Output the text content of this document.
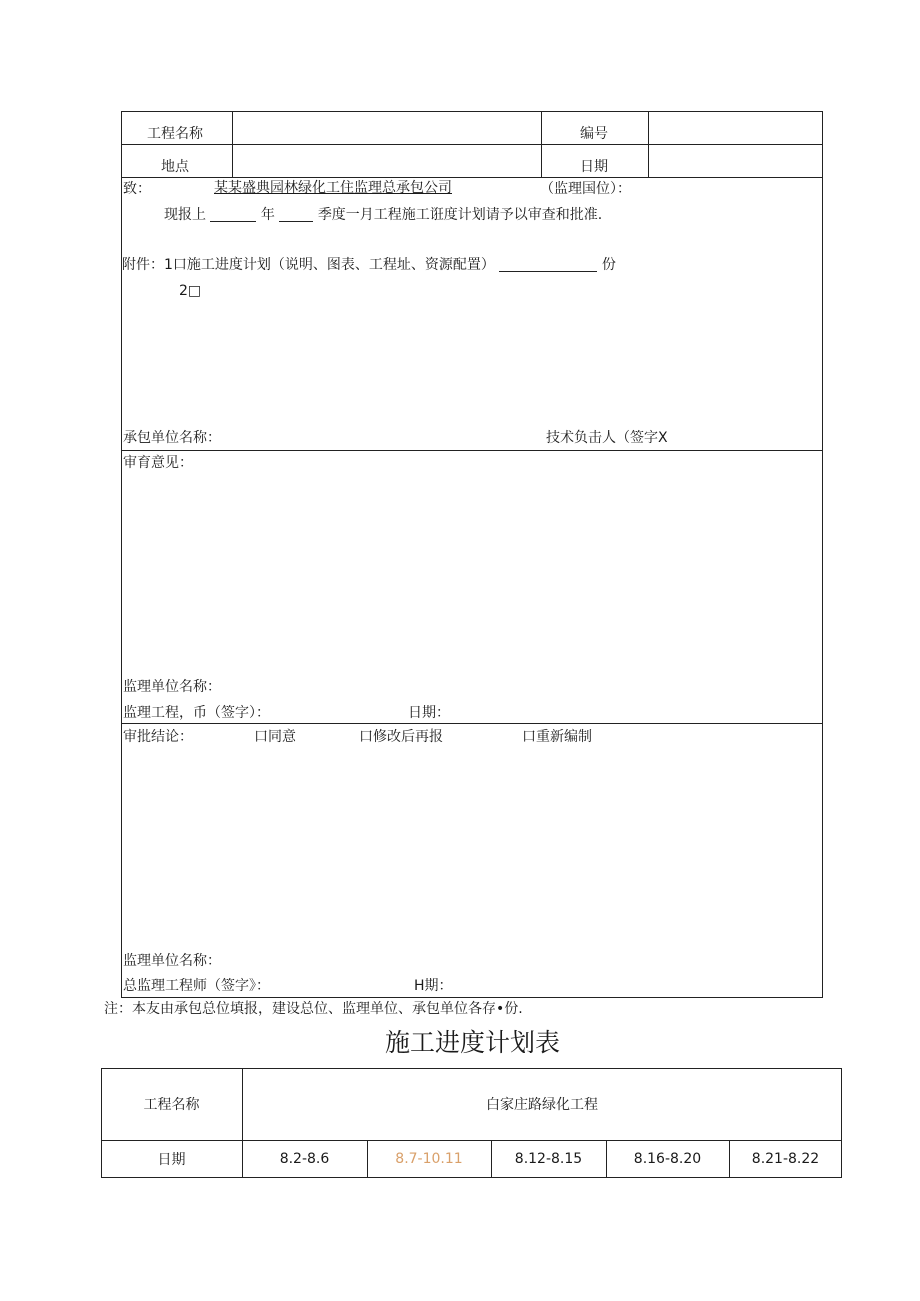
工程名称	编号
地点	日期
致：	某某盛典园林绿化工住监理总承包公司	（监理国位）：
现报上	年	季度一月工程施工诳度计划请予以审查和批准.
附件：1口施工进度计划（说明、图表、工程址、资源配置）	份
2□
承包单位名称：	技术负击人（签字X
审育意见：
监理单位名称：
监理工程，币（签字）：	日期：
审批结论：	口同意	口修改后再报	口重新编制
监理单位名称：
总监理工程师（签字》：	H期：
注：本友由承包总位填报，建设总位、监理单位、承包单位各存•份.
施工进度计划表
工程名称	白家庄路绿化工程
日期	8.2-8.6	8.7-10.11	8.12-8.15	8.16-8.20	8.21-8.22
